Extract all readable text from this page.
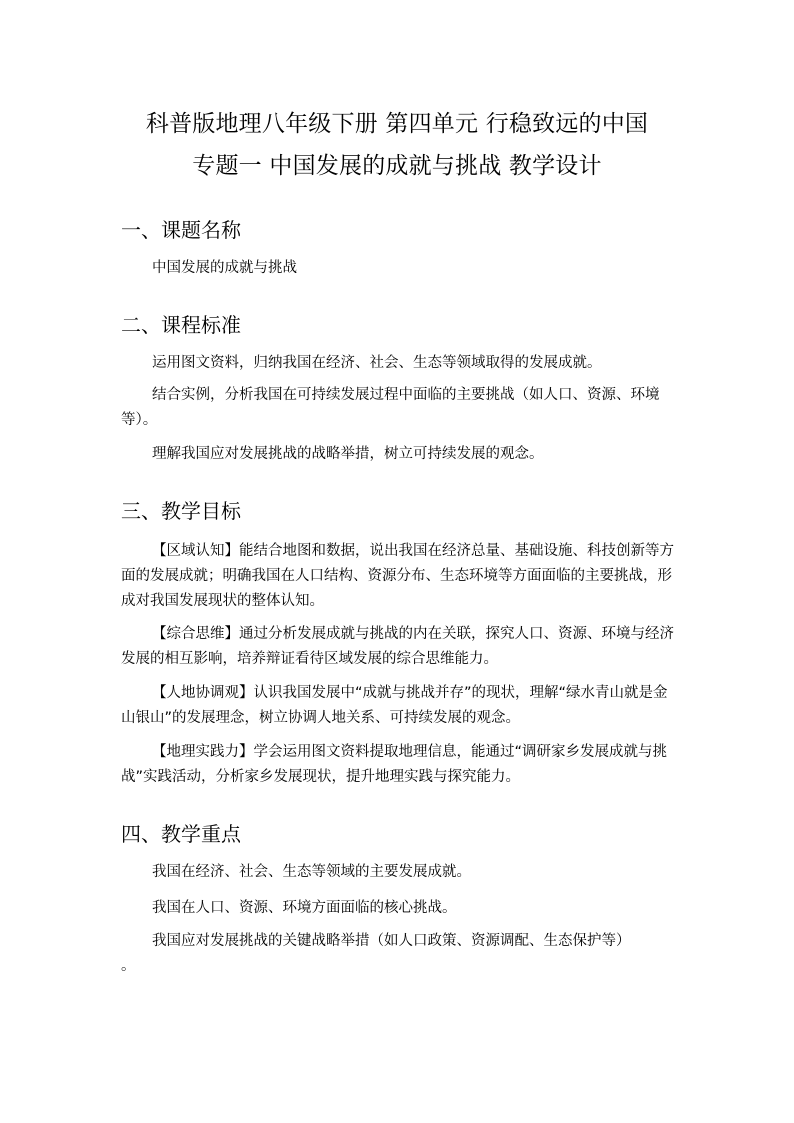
科普版地理八年级下册 第四单元 行稳致远的中国
专题一 中国发展的成就与挑战 教学设计
一、课题名称
中国发展的成就与挑战
二、课程标准
运用图文资料，归纳我国在经济、社会、生态等领域取得的发展成就。
结合实例，分析我国在可持续发展过程中面临的主要挑战（如人口、资源、环境等）。
理解我国应对发展挑战的战略举措，树立可持续发展的观念。
三、教学目标
【区域认知】能结合地图和数据，说出我国在经济总量、基础设施、科技创新等方面的发展成就；明确我国在人口结构、资源分布、生态环境等方面面临的主要挑战，形成对我国发展现状的整体认知。
【综合思维】通过分析发展成就与挑战的内在关联，探究人口、资源、环境与经济发展的相互影响，培养辩证看待区域发展的综合思维能力。
【人地协调观】认识我国发展中“成就与挑战并存”的现状，理解“绿水青山就是金山银山”的发展理念，树立协调人地关系、可持续发展的观念。
【地理实践力】学会运用图文资料提取地理信息，能通过“调研家乡发展成就与挑战”实践活动，分析家乡发展现状，提升地理实践与探究能力。
四、教学重点
我国在经济、社会、生态等领域的主要发展成就。
我国在人口、资源、环境方面面临的核心挑战。
我国应对发展挑战的关键战略举措（如人口政策、资源调配、生态保护等）
。
